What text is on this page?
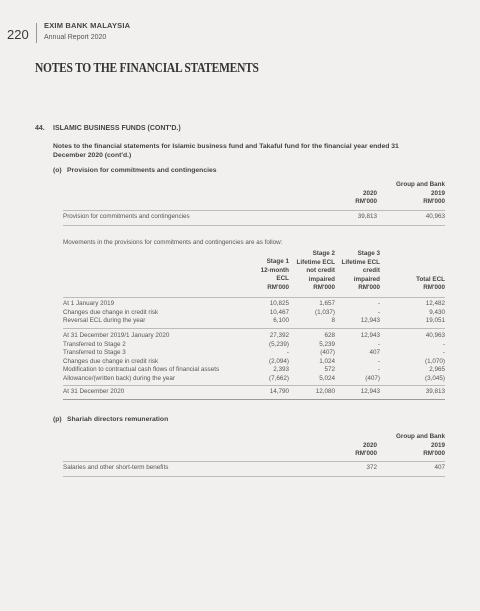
220
EXIM BANK MALAYSIA
Annual Report 2020
NOTES TO THE FINANCIAL STATEMENTS
44. ISLAMIC BUSINESS FUNDS (CONT'D.)
Notes to the financial statements for Islamic business fund and Takaful fund for the financial year ended 31 December 2020 (cont'd.)
(o) Provision for commitments and contingencies
Group and Bank
2020	2019
RM'000	RM'000
Provision for commitments and contingencies	39,813	40,963
Movements in the provisions for commitments and contingencies are as follow:
Stage 1
12-month
ECL
RM'000
Stage 2
Lifetime ECL
not credit
impaired
RM'000
Stage 3
Lifetime ECL
credit
impaired
RM'000
Total ECL
RM'000
At 1 January 2019	10,825	1,657	-	12,482
Changes due change in credit risk	10,467	(1,037)	-	9,430
Reversal ECL during the year	6,100	8	12,943	19,051
At 31 December 2019/1 January 2020	27,392	628	12,943	40,963
Transferred to Stage 2	(5,239)	5,239	-	-
Transferred to Stage 3	-	(407)	407	-
Changes due change in credit risk	(2,094)	1,024	-	(1,070)
Modification to contractual cash flows of financial assets	2,393	572	-	2,965
Allowance/(written back) during the year	(7,662)	5,024	(407)	(3,045)
At 31 December 2020	14,790	12,080	12,943	39,813
(p) Shariah directors remuneration
Group and Bank
2020	2019
RM'000	RM'000
Salaries and other short-term benefits	372	407
